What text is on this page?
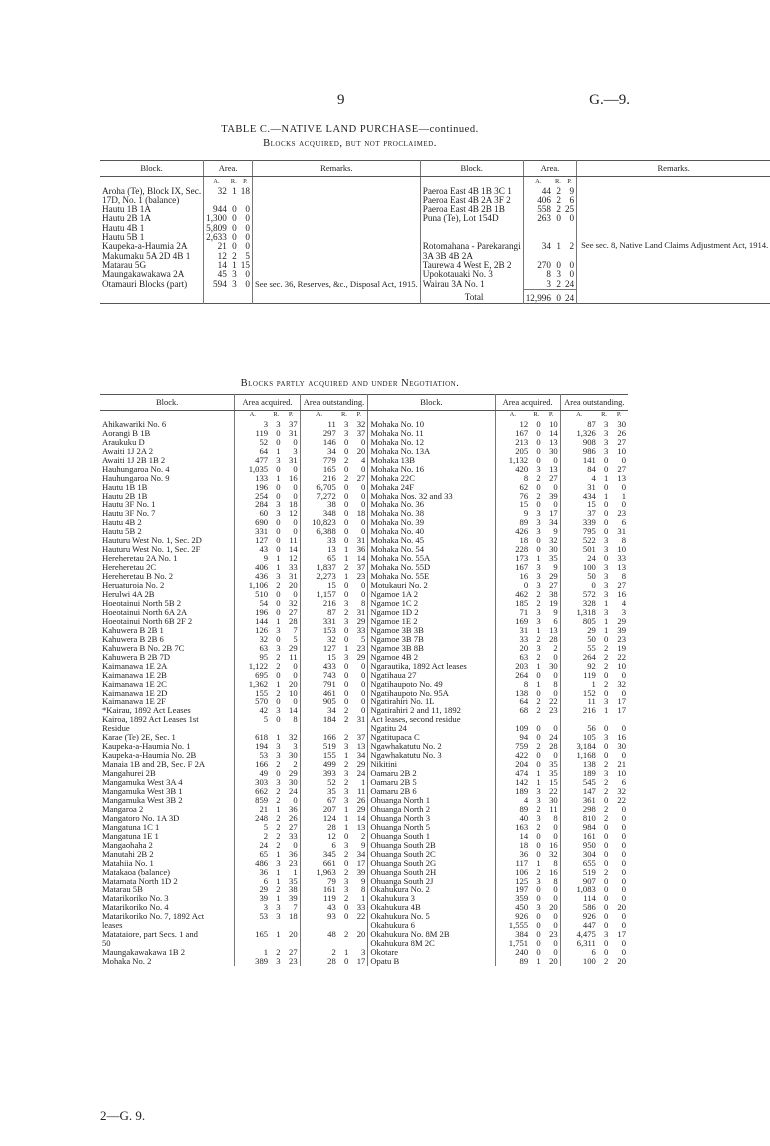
9	G.—9.
TABLE C.—NATIVE LAND PURCHASE—continued.
Blocks acquired, but not proclaimed.
Block.	Area.			Remarks.	Block.	Area.			Remarks.
	A.	R.	P.			A.	R.	P.	
Aroha (Te), Block IX, Sec.	32	1	18	See sec. 36, Reserves, &c., Disposal Act, 1915.	Paeroa East 4B 1B 3C 1	44	2	9	See sec. 8, Native Land Claims Adjustment Act, 1914.

17D, No. 1 (balance)					Paeroa East 4B 2A 3F 2	406	2	6	
Hautu 1B 1A	944	0	0		Paeroa East 4B 2B 1B	558	2	25	
Hautu 2B 1A	1,300	0	0		Puna (Te), Lot 154D	263	0	0	
Hautu 4B 1	5,809	0	0						
Hautu 5B 1	2,633	0	0						
Kaupeka-a-Haumia 2A	21	0	0		Rotomahana - Parekarangi	34	1	2	
Makumaku 5A 2D 4B 1	12	2	5		3A 3B 4B 2A				
Matarau 5G	14	1	15		Taurewa 4 West E, 2B 2	270	0	0	
Maungakawakawa 2A	45	3	0		Upokotauaki No. 3	8	3	0	
Otamauri Blocks (part)	594	3	0		Wairau 3A No. 1	3	2	24	
					Total	12,996	0	24	
Blocks partly acquired and under Negotiation.
Block.	Area acquired.			Area outstanding.			Block.	Area acquired.			Area outstanding.		
	A.	R.	P.	A.	R.	P.		A.	R.	P.	A.	R.	P.
Ahikawariki No. 6	3	3	37	11	3	32	Mohaka No. 10	12	0	10	87	3	30
Aorangi B 1B	119	0	31	297	3	37	Mohaka No. 11	167	0	14	1,326	3	26
Araukuku D	52	0	0	146	0	0	Mohaka No. 12	213	0	13	908	3	27
Awaiti 1J 2A 2	64	1	3	34	0	20	Mohaka No. 13A	205	0	30	986	3	10
Awaiti 1J 2B 1B 2	477	3	31	779	2	4	Mohaka 13B	1,132	0	0	141	0	0
Hauhungaroa No. 4	1,035	0	0	165	0	0	Mohaka No. 16	420	3	13	84	0	27
Hauhungaroa No. 9	133	1	16	216	2	27	Mohaka 22C	8	2	27	4	1	13
Hautu 1B 1B	196	0	0	6,705	0	0	Mohaka 24F	62	0	0	31	0	0
Hautu 2B 1B	254	0	0	7,272	0	0	Mohaka Nos. 32 and 33	76	2	39	434	1	1
Hautu 3F No. 1	284	3	18	38	0	0	Mohaka No. 36	15	0	0	15	0	0
Hautu 3F No. 7	60	3	12	348	0	18	Mohaka No. 38	9	3	17	37	0	23
Hautu 4B 2	690	0	0	10,823	0	0	Mohaka No. 39	89	3	34	339	0	6
Hautu 5B 2	331	0	0	6,388	0	0	Mohaka No. 40	426	3	9	795	0	31
Hauturu West No. 1, Sec. 2D	127	0	11	33	0	31	Mohaka No. 45	18	0	32	522	3	8
Hauturu West No. 1, Sec. 2F	43	0	14	13	1	36	Mohaka No. 54	228	0	30	501	3	10
Hereheretau 2A No. 1	9	1	12	65	1	14	Mohaka No. 55A	173	1	35	24	0	33
Hereheretau 2C	406	1	33	1,837	2	37	Mohaka No. 55D	167	3	9	100	3	13
Hereheretau B No. 2	436	3	31	2,273	1	23	Mohaka No. 55E	16	3	29	50	3	8
Heruaturoia No. 2	1,106	2	20	15	0	0	Motukauri No. 2	0	3	27	0	3	27
Herulwi 4A 2B	510	0	0	1,157	0	0	Ngamoe 1A 2	462	2	38	572	3	16
Hoeotainui North 5B 2	54	0	32	216	3	8	Ngamoe 1C 2	185	2	19	328	1	4
Hoeotainui North 6A 2A	196	0	27	87	2	31	Ngamoe 1D 2	71	3	9	1,318	3	3
Hoeotainui North 6B 2F 2	144	1	28	331	3	29	Ngamoe 1E 2	169	3	6	805	1	29
Kahuwera B 2B 1	126	3	7	153	0	33	Ngamoe 3B 3B	31	1	13	29	1	39
Kahuwera B 2B 6	32	0	5	32	0	5	Ngamoe 3B 7B	33	2	28	50	0	23
Kahuwera B No. 2B 7C	63	3	29	127	1	23	Ngamoe 3B 8B	20	3	2	55	2	19
Kahuwera B 2B 7D	95	2	11	15	3	29	Ngamoe 4B 2	63	2	0	264	2	22
Kaimanawa 1E 2A	1,122	2	0	433	0	0	Ngarautika, 1892 Act leases	203	1	30	92	2	10
Kaimanawa 1E 2B	695	0	0	743	0	0	Ngatihaua 27	264	0	0	119	0	0
Kaimanawa 1E 2C	1,362	1	20	791	0	0	Ngatihaupoto No. 49	8	1	8	1	2	32
Kaimanawa 1E 2D	155	2	10	461	0	0	Ngatihaupoto No. 95A	138	0	0	152	0	0
Kaimanawa 1E 2F	570	0	0	905	0	0	Ngatirahiri No. 1L	64	2	22	11	3	17
*Kairau, 1892 Act Leases	42	3	14	34	2	0	Ngatirahiri 2 and 11, 1892	68	2	23	216	1	17
Kairoa, 1892 Act Leases 1st	5	0	8	184	2	31	Act leases, second residue						
Residue							Ngatitu 24	109	0	0	56	0	0
Karae (Te) 2E, Sec. 1	618	1	32	166	2	37	Ngatitupaca C	94	0	24	105	3	16
Kaupeka-a-Haumia No. 1	194	3	3	519	3	13	Ngawhakatutu No. 2	759	2	28	3,184	0	30
Kaupeka-a-Haumia No. 2B	53	3	30	155	1	34	Ngawhakatutu No. 3	422	0	0	1,168	0	0
Manaia 1B and 2B, Sec. F 2A	166	2	2	499	2	29	Nikitini	204	0	35	138	2	21
Mangahurei 2B	49	0	29	393	3	24	Oamaru 2B 2	474	1	35	189	3	10
Mangamuka West 3A 4	303	3	30	52	2	1	Oamaru 2B 5	142	1	15	545	2	6
Mangamuka West 3B 1	662	2	24	35	3	11	Oamaru 2B 6	189	3	22	147	2	32
Mangamuka West 3B 2	859	2	0	67	3	26	Ohuanga North 1	4	3	30	361	0	22
Mangaroa 2	21	1	36	207	1	29	Ohuanga North 2	89	2	11	298	2	0
Mangatoro No. 1A 3D	248	2	26	124	1	14	Ohuanga North 3	40	3	8	810	2	0
Mangatuna 1C 1	5	2	27	28	1	13	Ohuanga North 5	163	2	0	984	0	0
Mangatuna 1E 1	2	2	33	12	0	2	Ohuanga South 1	14	0	0	161	0	0
Mangaohaha 2	24	2	0	6	3	9	Ohuanga South 2B	18	0	16	950	0	0
Manutahi 2B 2	65	1	36	345	2	34	Ohuanga South 2C	36	0	32	304	0	0
Matahiia No. 1	486	3	23	661	0	17	Ohuanga South 2G	117	1	8	655	0	0
Matakaoa (balance)	36	1	1	1,963	2	39	Ohuanga South 2H	106	2	16	519	2	0
Matamata North 1D 2	6	1	35	79	3	9	Ohuanga South 2J	125	3	8	907	0	0
Matarau 5B	29	2	38	161	3	8	Okahukura No. 2	197	0	0	1,083	0	0
Matarikoriko No. 3	39	1	39	119	2	1	Okahukura 3	359	0	0	114	0	0
Matarikoriko No. 4	3	3	7	43	0	33	Okahukura 4B	450	3	20	586	0	20
Matarikoriko No. 7, 1892 Act	53	3	18	93	0	22	Okahukura No. 5	926	0	0	926	0	0
leases							Okahukura 6	1,555	0	0	447	0	0
Matataiore, part Secs. 1 and	165	1	20	48	2	20	Okahukura No. 8M 2B	384	0	23	4,475	3	17
50							Okahukura 8M 2C	1,751	0	0	6,311	0	0
Maungakawakawa 1B 2	1	2	27	2	1	3	Okotare	240	0	0	6	0	0
Mohaka No. 2	389	3	23	28	0	17	Opatu B	89	1	20	100	2	20
2—G. 9.
